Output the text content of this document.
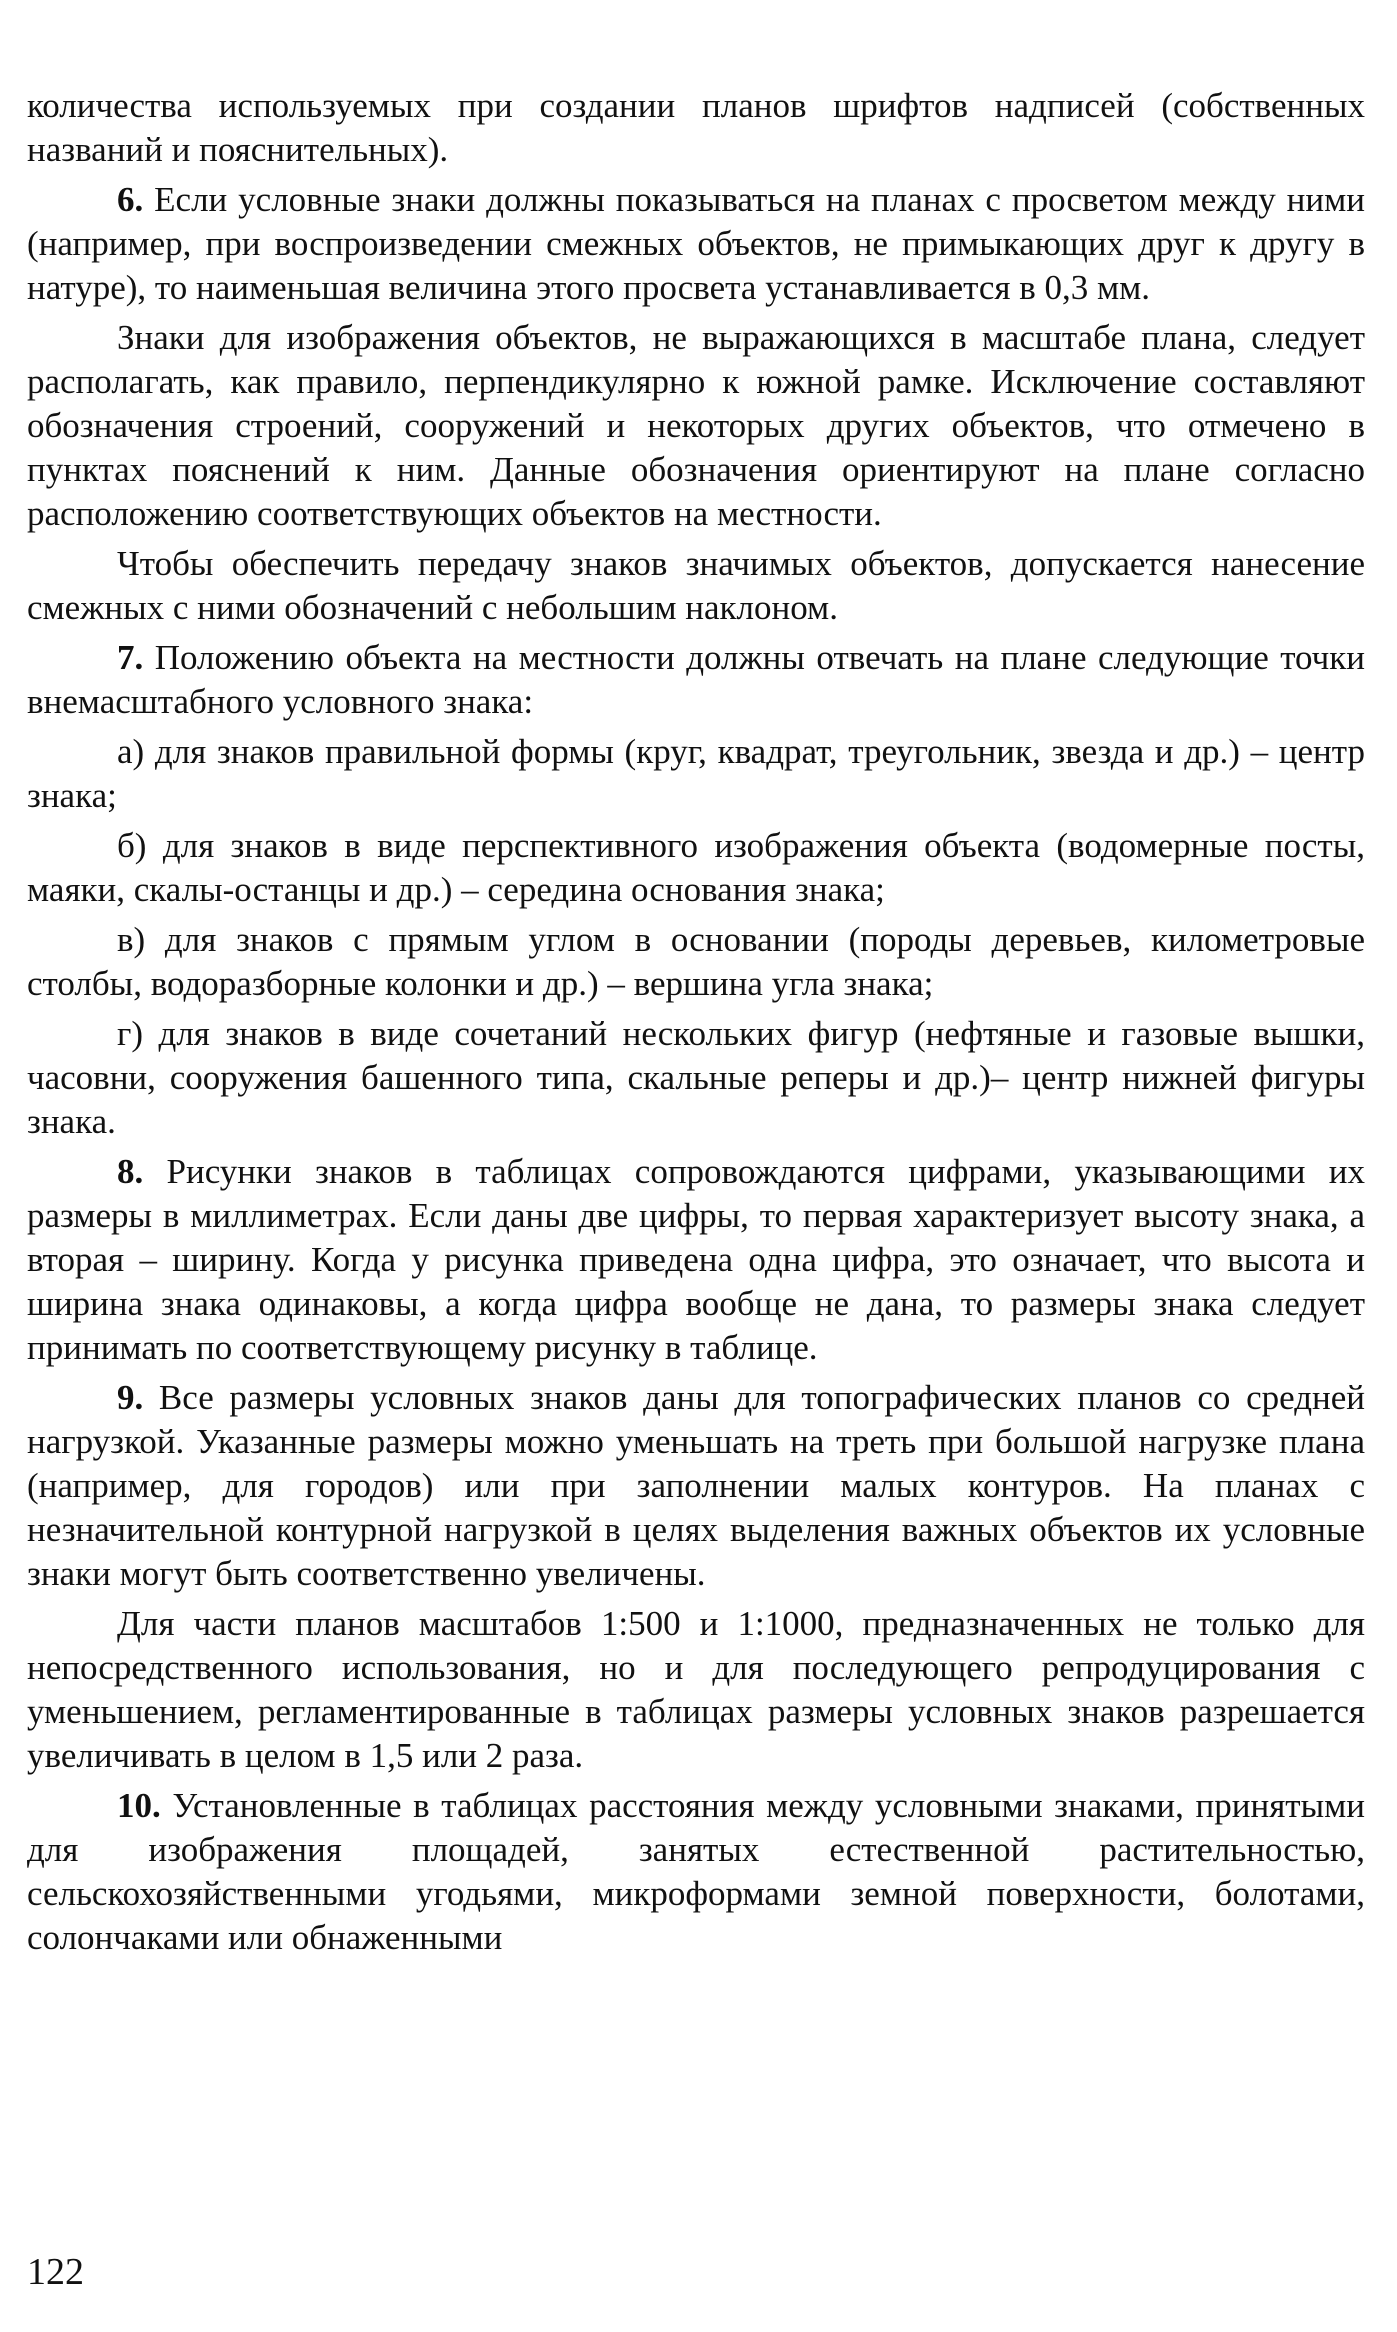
количества используемых при создании планов шрифтов надписей (собственных названий и пояснительных).

6. Если условные знаки должны показываться на планах с просветом между ними (например, при воспроизведении смежных объектов, не примыкающих друг к другу в натуре), то наименьшая величина этого просвета устанавливается в 0,3 мм.

Знаки для изображения объектов, не выражающихся в масштабе плана, следует располагать, как правило, перпендикулярно к южной рамке. Исключение составляют обозначения строений, сооружений и некоторых других объектов, что отмечено в пунктах пояснений к ним. Данные обозначения ориентируют на плане согласно расположению соответствующих объектов на местности.

Чтобы обеспечить передачу знаков значимых объектов, допускается нанесение смежных с ними обозначений с небольшим наклоном.

7. Положению объекта на местности должны отвечать на плане следующие точки внемасштабного условного знака:

а) для знаков правильной формы (круг, квадрат, треугольник, звезда и др.) – центр знака;

б) для знаков в виде перспективного изображения объекта (водомерные посты, маяки, скалы-останцы и др.) – середина основания знака;

в) для знаков с прямым углом в основании (породы деревьев, километровые столбы, водоразборные колонки и др.) – вершина угла знака;

г) для знаков в виде сочетаний нескольких фигур (нефтяные и газовые вышки, часовни, сооружения башенного типа, скальные реперы и др.)– центр нижней фигуры знака.

8. Рисунки знаков в таблицах сопровождаются цифрами, указывающими их размеры в миллиметрах. Если даны две цифры, то первая характеризует высоту знака, а вторая – ширину. Когда у рисунка приведена одна цифра, это означает, что высота и ширина знака одинаковы, а когда цифра вообще не дана, то размеры знака следует принимать по соответствующему рисунку в таблице.

9. Все размеры условных знаков даны для топографических планов со средней нагрузкой. Указанные размеры можно уменьшать на треть при большой нагрузке плана (например, для городов) или при заполнении малых контуров. На планах с незначительной контурной нагрузкой в целях выделения важных объектов их условные знаки могут быть соответственно увеличены.

Для части планов масштабов 1:500 и 1:1000, предназначенных не только для непосредственного использования, но и для последующего репродуцирования с уменьшением, регламентированные в таблицах размеры условных знаков разрешается увеличивать в целом в 1,5 или 2 раза.

10. Установленные в таблицах расстояния между условными знаками, принятыми для изображения площадей, занятых естественной растительностью, сельскохозяйственными угодьями, микроформами земной поверхности, болотами, солончаками или обнаженными

122
